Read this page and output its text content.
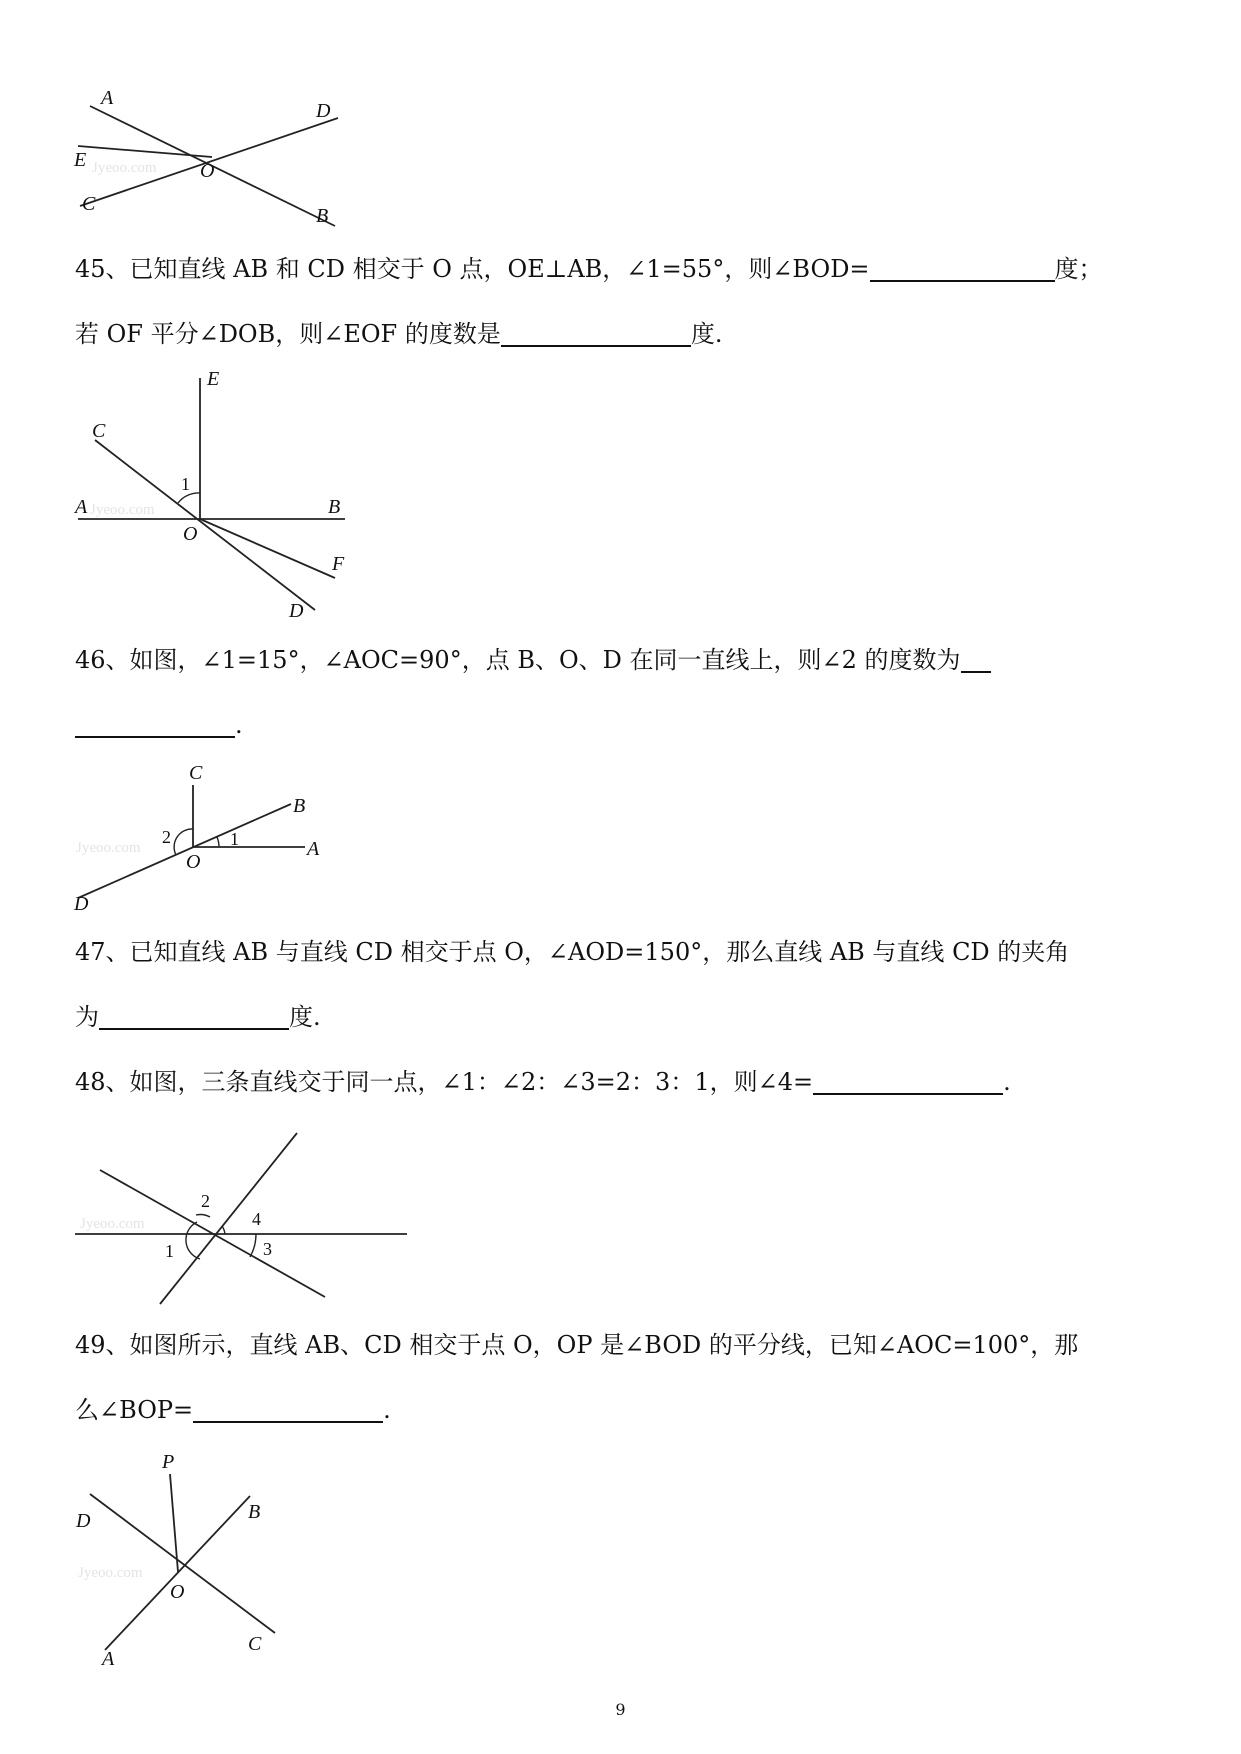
Jyeoo.com
A
D
E	O
C
B

45、已知直线 AB 和 CD 相交于 O 点，OE⊥AB，∠1=55°，则∠BOD=	度；

若 OF 平分∠DOB，则∠EOF 的度数是	度.

Jyeoo.com
E
C
1
A	B
O
F
D

46、如图，∠1=15°，∠AOC=90°，点 B、O、D 在同一直线上，则∠2 的度数为

.

Jyeoo.com
C
B
2	1	A
O
D

47、已知直线 AB 与直线 CD 相交于点 O，∠AOD=150°，那么直线 AB 与直线 CD 的夹角

为	度.

48、如图，三条直线交于同一点，∠1：∠2：∠3=2：3：1，则∠4=	.

Jyeoo.com
2
4
1	3

49、如图所示，直线 AB、CD 相交于点 O，OP 是∠BOD 的平分线，已知∠AOC=100°，那

么∠BOP=	.

Jyeoo.com
P
D	B
O
C
A
9
